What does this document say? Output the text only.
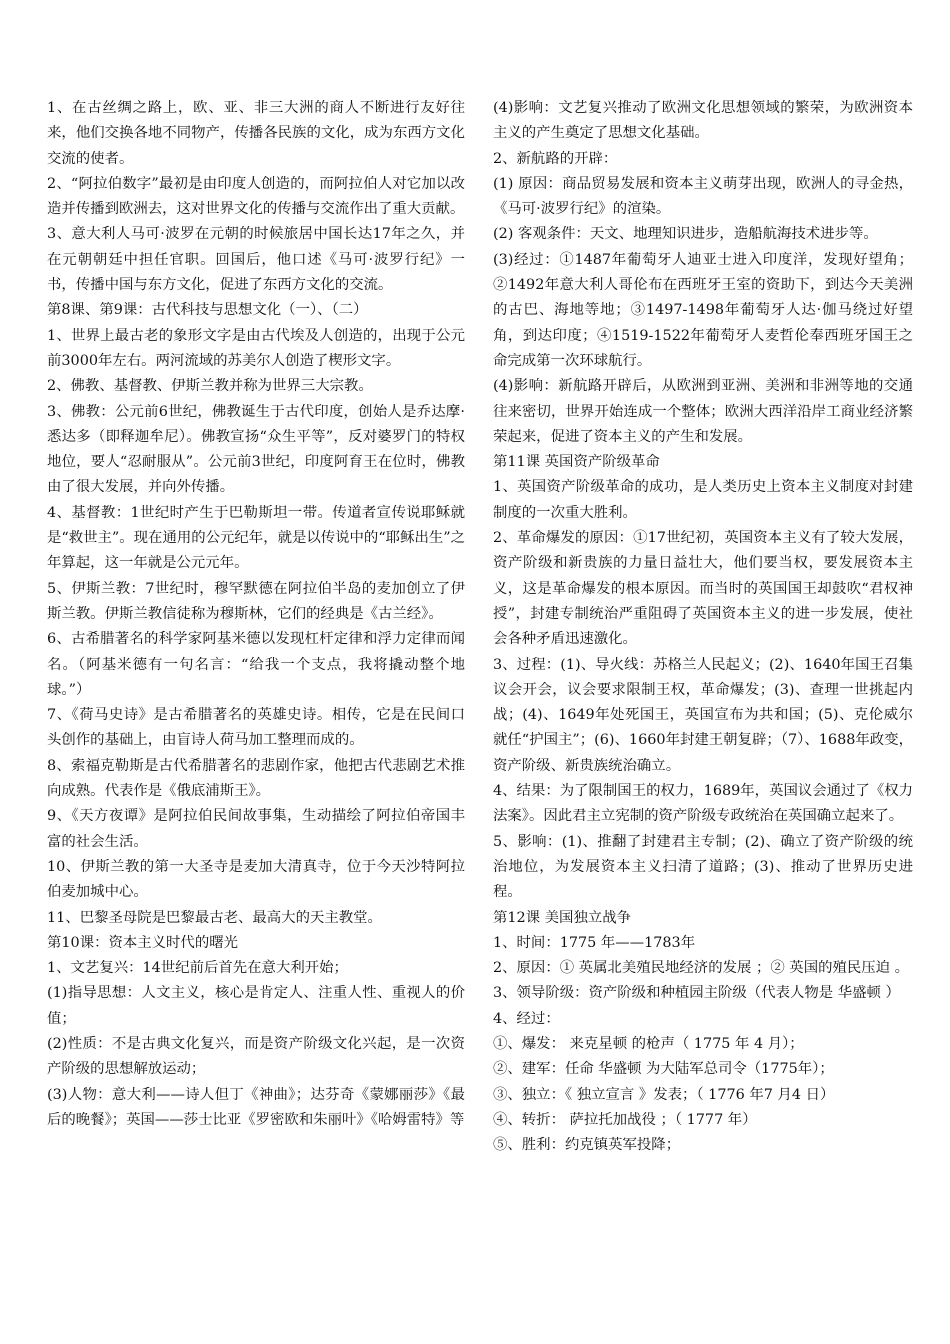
1、在古丝绸之路上，欧、亚、非三大洲的商人不断进行友好往来，他们交换各地不同物产，传播各民族的文化，成为东西方文化交流的使者。

2、“阿拉伯数字”最初是由印度人创造的，而阿拉伯人对它加以改造并传播到欧洲去，这对世界文化的传播与交流作出了重大贡献。

3、意大利人马可·波罗在元朝的时候旅居中国长达17年之久，并在元朝朝廷中担任官职。回国后，他口述《马可·波罗行纪》一书，传播中国与东方文化，促进了东西方文化的交流。

第8课、第9课：古代科技与思想文化（一）、（二）

1、世界上最古老的象形文字是由古代埃及人创造的，出现于公元前3000年左右。两河流域的苏美尔人创造了楔形文字。

2、佛教、基督教、伊斯兰教并称为世界三大宗教。

3、佛教：公元前6世纪，佛教诞生于古代印度，创始人是乔达摩·悉达多（即释迦牟尼）。佛教宣扬“众生平等”，反对婆罗门的特权地位，要人“忍耐服从”。公元前3世纪，印度阿育王在位时，佛教由了很大发展，并向外传播。

4、基督教：1世纪时产生于巴勒斯坦一带。传道者宣传说耶稣就是“救世主”。现在通用的公元纪年，就是以传说中的“耶稣出生”之年算起，这一年就是公元元年。

5、伊斯兰教：7世纪时，穆罕默德在阿拉伯半岛的麦加创立了伊斯兰教。伊斯兰教信徒称为穆斯林，它们的经典是《古兰经》。

6、古希腊著名的科学家阿基米德以发现杠杆定律和浮力定律而闻名。（阿基米德有一句名言：“给我一个支点，我将撬动整个地球。”）

7、《荷马史诗》是古希腊著名的英雄史诗。相传，它是在民间口头创作的基础上，由盲诗人荷马加工整理而成的。

8、索福克勒斯是古代希腊著名的悲剧作家，他把古代悲剧艺术推向成熟。代表作是《俄底浦斯王》。

9、《天方夜谭》是阿拉伯民间故事集，生动描绘了阿拉伯帝国丰富的社会生活。

10、伊斯兰教的第一大圣寺是麦加大清真寺，位于今天沙特阿拉伯麦加城中心。

11、巴黎圣母院是巴黎最古老、最高大的天主教堂。

第10课：资本主义时代的曙光

1、文艺复兴：14世纪前后首先在意大利开始；

(1)指导思想：人文主义，核心是肯定人、注重人性、重视人的价值；

(2)性质：不是古典文化复兴，而是资产阶级文化兴起，是一次资产阶级的思想解放运动；

(3)人物：意大利——诗人但丁《神曲》；达芬奇《蒙娜丽莎》《最后的晚餐》；英国——莎士比亚《罗密欧和朱丽叶》《哈姆雷特》等

(4)影响：文艺复兴推动了欧洲文化思想领域的繁荣，为欧洲资本主义的产生奠定了思想文化基础。

2、新航路的开辟：

(1) 原因：商品贸易发展和资本主义萌芽出现，欧洲人的寻金热，《马可·波罗行纪》的渲染。

(2) 客观条件：天文、地理知识进步，造船航海技术进步等。

(3)经过：①1487年葡萄牙人迪亚士进入印度洋，发现好望角；②1492年意大利人哥伦布在西班牙王室的资助下，到达今天美洲的古巴、海地等地；③1497-1498年葡萄牙人达·伽马绕过好望角，到达印度；④1519-1522年葡萄牙人麦哲伦奉西班牙国王之命完成第一次环球航行。

(4)影响：新航路开辟后，从欧洲到亚洲、美洲和非洲等地的交通往来密切，世界开始连成一个整体；欧洲大西洋沿岸工商业经济繁荣起来，促进了资本主义的产生和发展。

第11课 英国资产阶级革命

1、英国资产阶级革命的成功，是人类历史上资本主义制度对封建制度的一次重大胜利。

2、革命爆发的原因：①17世纪初，英国资本主义有了较大发展，资产阶级和新贵族的力量日益壮大，他们要当权，要发展资本主义，这是革命爆发的根本原因。而当时的英国国王却鼓吹“君权神授”，封建专制统治严重阻碍了英国资本主义的进一步发展，使社会各种矛盾迅速激化。

3、过程：(1)、导火线：苏格兰人民起义；(2)、1640年国王召集议会开会，议会要求限制王权，革命爆发；(3)、查理一世挑起内战；(4)、1649年处死国王，英国宣布为共和国；(5)、克伦威尔就任“护国主”；(6)、1660年封建王朝复辟；（7）、1688年政变，资产阶级、新贵族统治确立。

4、结果：为了限制国王的权力，1689年，英国议会通过了《权力法案》。因此君主立宪制的资产阶级专政统治在英国确立起来了。

5、影响：(1)、推翻了封建君主专制；(2)、确立了资产阶级的统治地位，为发展资本主义扫清了道路；(3)、推动了世界历史进程。

第12课 美国独立战争

1、时间：1775 年——1783年

2、原因：① 英属北美殖民地经济的发展 ；② 英国的殖民压迫 。

3、领导阶级：资产阶级和种植园主阶级（代表人物是 华盛顿 ）

4、经过：

①、爆发： 来克星顿 的枪声（ 1775 年 4 月）；

②、建军：任命 华盛顿 为大陆军总司令（1775年）；

③、独立：《 独立宣言 》发表；（ 1776 年7 月4 日）

④、转折： 萨拉托加战役 ；（ 1777 年）

⑤、胜利：约克镇英军投降；
